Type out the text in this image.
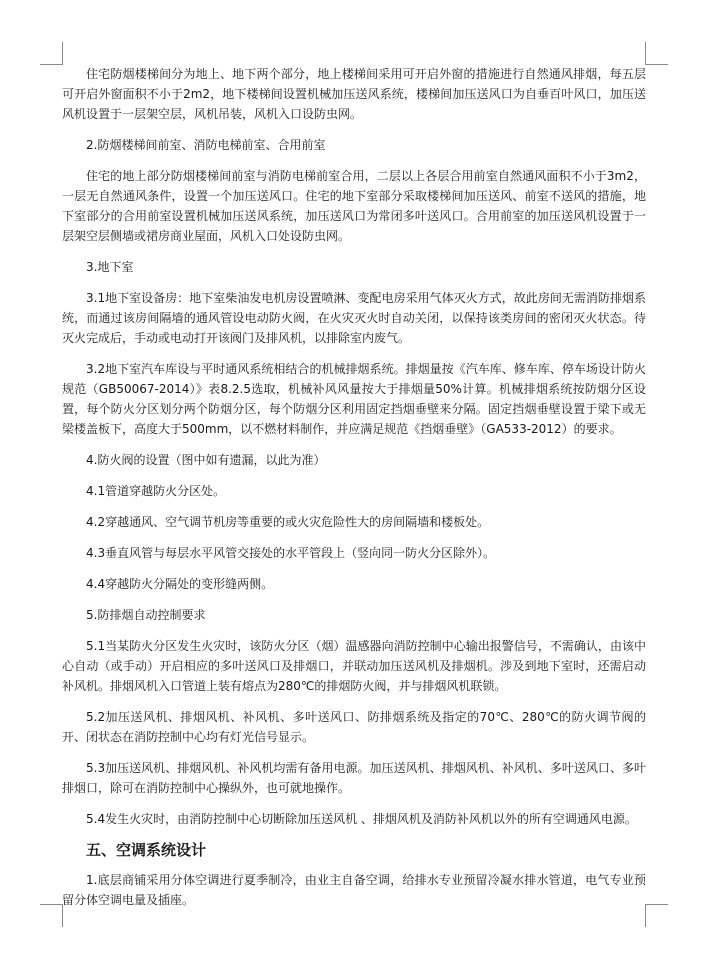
住宅防烟楼梯间分为地上、地下两个部分，地上楼梯间采用可开启外窗的措施进行自然通风排烟，每五层可开启外窗面积不小于2m2，地下楼梯间设置机械加压送风系统，楼梯间加压送风口为自垂百叶风口，加压送风机设置于一层架空层，风机吊装，风机入口设防虫网。

2.防烟楼梯间前室、消防电梯前室、合用前室

住宅的地上部分防烟楼梯间前室与消防电梯前室合用，二层以上各层合用前室自然通风面积不小于3m2，一层无自然通风条件，设置一个加压送风口。住宅的地下室部分采取楼梯间加压送风、前室不送风的措施，地下室部分的合用前室设置机械加压送风系统，加压送风口为常闭多叶送风口。合用前室的加压送风机设置于一层架空层侧墙或裙房商业屋面，风机入口处设防虫网。

3.地下室

3.1地下室设备房：地下室柴油发电机房设置喷淋、变配电房采用气体灭火方式，故此房间无需消防排烟系统，而通过该房间隔墙的通风管设电动防火阀，在火灾灭火时自动关闭，以保持该类房间的密闭灭火状态。待灭火完成后，手动或电动打开该阀门及排风机，以排除室内废气。

3.2地下室汽车库设与平时通风系统相结合的机械排烟系统。排烟量按《汽车库、修车库、停车场设计防火规范（GB50067-2014）》表8.2.5选取，机械补风风量按大于排烟量50%计算。机械排烟系统按防烟分区设置，每个防火分区划分两个防烟分区，每个防烟分区利用固定挡烟垂壁来分隔。固定挡烟垂壁设置于梁下或无梁楼盖板下，高度大于500mm，以不燃材料制作，并应满足规范《挡烟垂壁》（GA533-2012）的要求。

4.防火阀的设置（图中如有遗漏，以此为准）

4.1管道穿越防火分区处。

4.2穿越通风、空气调节机房等重要的或火灾危险性大的房间隔墙和楼板处。

4.3垂直风管与每层水平风管交接处的水平管段上（竖向同一防火分区除外）。

4.4穿越防火分隔处的变形缝两侧。

5.防排烟自动控制要求

5.1当某防火分区发生火灾时，该防火分区（烟）温感器向消防控制中心输出报警信号，不需确认，由该中心自动（或手动）开启相应的多叶送风口及排烟口，并联动加压送风机及排烟机。涉及到地下室时，还需启动补风机。排烟风机入口管道上装有熔点为280℃的排烟防火阀，并与排烟风机联锁。

5.2加压送风机、排烟风机、补风机、多叶送风口、防排烟系统及指定的70℃、280℃的防火调节阀的开、闭状态在消防控制中心均有灯光信号显示。

5.3加压送风机、排烟风机、补风机均需有备用电源。加压送风机、排烟风机、补风机、多叶送风口、多叶排烟口，除可在消防控制中心操纵外，也可就地操作。

5.4发生火灾时，由消防控制中心切断除加压送风机 、排烟风机及消防补风机以外的所有空调通风电源。

五、空调系统设计

1.底层商铺采用分体空调进行夏季制冷，由业主自备空调，给排水专业预留冷凝水排水管道，电气专业预留分体空调电量及插座。
